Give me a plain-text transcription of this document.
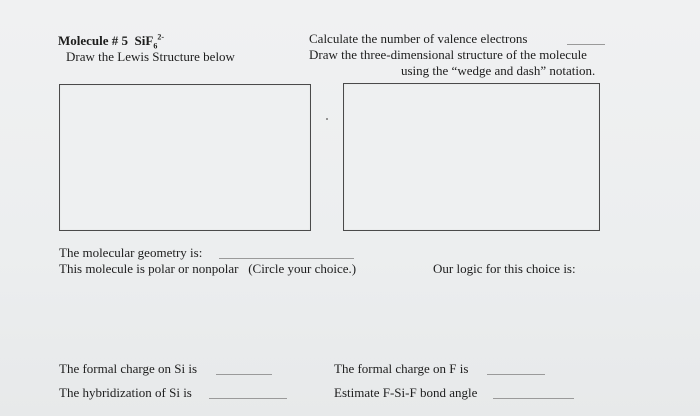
Molecule # 5 SiF$_6^{2-}$
Draw the Lewis Structure below
Calculate the number of valence electrons
Draw the three-dimensional structure of the molecule
using the “wedge and dash” notation.
The molecular geometry is:
This molecule is polar or nonpolar (Circle your choice.)	Our logic for this choice is:
The formal charge on Si is
The hybridization of Si is
The formal charge on F is
Estimate F-Si-F bond angle
